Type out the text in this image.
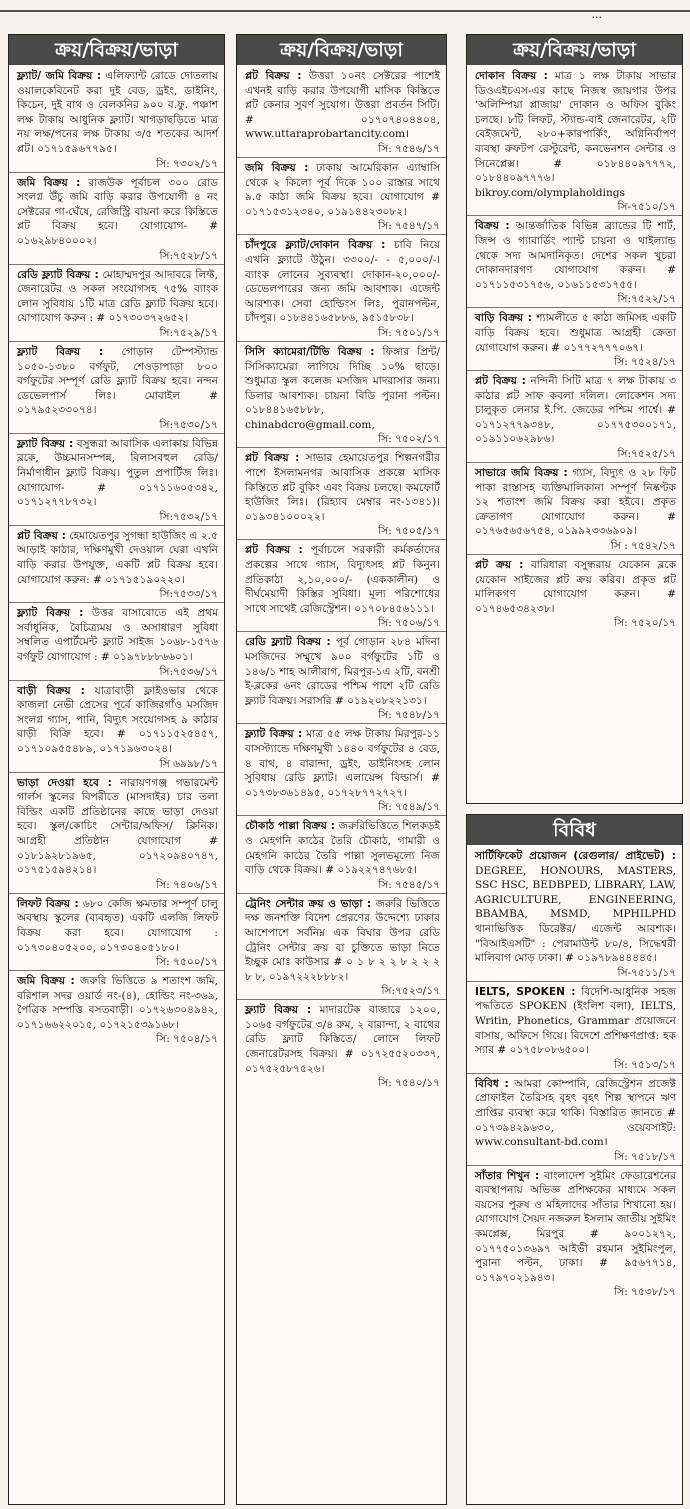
...
ক্রয়/বিক্রয়/ভাড়া
ফ্ল্যাট/ জমি বিক্রয় : এলিফ্যান্ট রোডে দোতলায় ওয়ালকেবিনেট করা দুই বেড, ড্রইং, ডাইনিং, কিচেন, দুই বাথ ও বেলকনির ৯০০ ব.ফু. পঞ্চাশ লক্ষ টাকায় আধুনিক ফ্ল্যাট। খাগড়াছড়িতে মাত্র নয় লক্ষ/পনের লক্ষ টাকায় ৩/৫ শতকের আদর্শ প্লট। ০১৭১৫৯৬৭৭৯৫।
সি: ৭৩০২/১৭
জমি বিক্রয় : রাজউক পূর্বাচল ৩০০ রোড সংলগ্ন উঁচু জমি বাড়ি করার উপযোগী ৪ নং সেক্টরের গা-ঘেঁষে, রেজিস্ট্রি বায়না করে কিস্তিতে প্লট বিক্রয় হবে। যোগাযোগ- # ০১৬২৯৮৪০০০২।
সি:৭৫২৮/১৭
রেডি ফ্ল্যাট বিক্রয় : মোহাম্মদপুর আদাবরে লিফ্ট, জেনারেটর ও সকল সংযোগসহ ৭৫% ব্যাংক লোন সুবিধায় ১টি মাত্র রেডি ফ্ল্যাট বিক্রয় হবে। যোগাযোগ করুন : # ০১৭৩০৩৭২৬৫২।
সি:৭৫২৯/১৭
ফ্ল্যাট বিক্রয় : গোড়ান টেম্পস্ট্যান্ড ১০৫০-১৩৮০ বর্গফুট, শেওড়াপাড়া ৮০০ বর্গফুটের সম্পূর্ণ রেডি ফ্ল্যাট বিক্রয় হবে। নন্দন ডেভেলপার্স লিঃ। মোবাইল # ০১৭৯৫২৩৩০৭৪।
সি:৭৫৩০/১৭
ফ্ল্যাট বিক্রয় : বসুন্ধরা আবাসিক এলাকায় বিভিন্ন ব্লকে, উচ্চমানসম্পন্ন, বিলাসবহুল রেডি/নির্মাণাধীন ফ্ল্যাট বিক্রয়। পুতুল প্রপার্টিজ লিঃ। যোগাযোগ- # ০১৭১১৬০৫৩৪২, ০১৭১২৭৭৮৭৩২।
সি:৭৫৩২/১৭
প্লট বিক্রয় : হেমায়েতপুর সুগন্ধা হাউজিং এ ২.৫ আড়াই কাঠার, দক্ষিণমুখী দেওয়াল ঘেরা এখনি বাড়ি করার উপযুক্ত, একটি প্লট বিক্রয় হবে। যোগাযোগ করুন: # ০১৭১৫১৯০২২০।
সি:৭৫৩৩/১৭
ফ্ল্যাট বিক্রয় : উত্তর বাসাবোতে এই প্রথম সর্বাধুনিক, বৈচিত্র্যময় ও অসাধারণ সুবিধা সম্বলিত এপার্টমেন্ট ফ্ল্যাট সাইজ ১০৬৮-১৫৭৬ বর্গফুট যোগাযোগ : # ০১৯৭৮৮৮৬৬০১।
সি:৭৫৩৬/১৭
বাড়ী বিক্রয় : যাত্রাবাড়ী ফ্লাইওভার থেকে কাজলা নেভী প্রেসের পূর্বে কাজিরগাঁও মসজিদ সংলগ্ন গ্যাস, পানি, বিদ্যুৎ সংযোগসহ ৯ কাঠার বাড়ী বিক্রি হবে। # ০১৭১১৫২৫৪৫৭, ০১৭১০৯৫৫৪৮৯, ০১৭১৯৬৩০২৪।
সি ৬৯৯৮/১৭
ভাড়া দেওয়া হবে : নারায়ণগঞ্জ গভারমেন্ট গার্লস স্কুলের বিপরীতে (মাসদাইর) চার তলা বিল্ডিং একটি প্রতিষ্ঠানের কাছে ভাড়া দেওয়া হবে। স্কুল/কোচিং সেন্টার/অফিস/ ক্লিনিক। আগ্রহী প্রতিষ্ঠান যোগাযোগ # ০১৮১৯২৮১৯৬৫, ০১৭২০৯৪০৭৪৭, ০১৭৫১৫৯৪২১৪।
সি: ৭৪০৬/১৭
লিফট বিক্রয় : ৬৮০ কেজি ক্ষমতার সম্পূর্ণ চালু অবস্থায় স্কুলের (ব্যবহৃত) একটি এলজি লিফট বিক্রয় করা হবে। যোগাযোগ : ০১৭৩০৪০৫২০০, ০১৭৩০৪০৫১৮০।
সি: ৭৫০০/১৭
জমি বিক্রয় : জরুরি ভিত্তিতে ৯ শতাংশ জমি, বরিশাল সদর ওয়ার্ড নং-(৪), হোল্ডিং নং-৩৬৯, পৈত্রিক সম্পত্তি বসতবাড়ী। ০১৭২৬৩০৪৯৪২, ০১৭১৬৬২২০১৫, ০১৭২১৫৩৯১৬৮।
সি: ৭৫০৪/১৭
ক্রয়/বিক্রয়/ভাড়া
প্লট বিক্রয় : উত্তরা ১০নং সেক্টরের পাশেই এখনই বাড়ি করার উপযোগী মাসিক কিস্তিতে প্লট কেনার সুবর্ণ সুযোগ। উত্তরা প্রবর্তন সিটি। # ০১৭০৭৪০৪৪০৪, www.uttaraprobartancity.com।
সি: ৭৫৪৬/১৭
জমি বিক্রয় : ঢাকায় আমেরিকান এ্যাম্বাসি থেকে ২ কিলো পূর্ব দিকে ১০০ রাস্তার সাথে ৯.৫ কাঠা জমি বিক্রয় হবে। যোগাযোগ # ০১৭১৫৩১২৩৪০, ০১৯১৪৪২৩০৮২।
সি: ৭৫৪৭/১৭
চাঁদপুরে ফ্ল্যাট/দোকান বিক্রয় : চাবি নিয়ে এখনি ফ্ল্যাটে উঠুন। ৩৩০০/- - ৫,০০০/-। ব্যাংক লোনের সুব্যবস্থা। দোকান-২০,০০০/- ডেভেলপারের জন্য জমি আবশ্যক। এজেন্ট আবশ্যক। সেবা হোল্ডিংস লিঃ, পুরানপল্টন, চাঁদপুর। ০১৮৪৪১৬৫৮৮৬, ৯৫১৫৮৩৮।
সি: ৭৫০১/১৭
সিসি ক্যামেরা/টিভি বিক্রয় : ফিঙ্গার প্রিন্ট/সিসিক্যামেরা লাগিয়ে দিচ্ছি ১০% ছাড়ে। শুধুমাত্র স্কুল কলেজ মসজিদ মাদরাসার জন্য। ডিলার আবশ্যক। চায়না বিডি পুরানা পল্টন। ০১৮৪৪১৬৫৮৮৮, chinabdcro@gmail.com,
সি: ৭৫০২/১৭
প্লট বিক্রয় : সাভার হেমায়েতপুর শিল্পনগরীর পাশে ইসলামনগর আবাসিক প্রকল্পে মাসিক কিস্তিতে প্লট বুকিং এবং বিক্রয় চলছে। কমফোর্ট হাউজিং লিঃ। (রিহ্যাব মেম্বার নং-১৩৪১)। ০১৯৩৪১০০০২২।
সি: ৭৫০৫/১৭
প্লট বিক্রয় : পূর্বাচলে সরকারী কর্মকর্তাদের প্রকল্পের সাথে গ্যাস, বিদ্যুৎসহ প্লট কিনুন। প্রতিকাঠা ২,১০,০০০/- (এককালীন) ও দীর্ঘমেয়াদী কিস্তির সুবিধা। মূল্য পরিশোধের সাথে সাথেই রেজিস্ট্রেশন। ০১৭০৮৪৫৬১১১।
সি: ৭৫০৬/১৭
রেডি ফ্ল্যাট বিক্রয় : পূর্ব গোড়ান ২৮৪ মদিনা মসজিদের সম্মুখে ৯০০ বর্গফুটের ১টি ও ১৪৬/১ শাহ আলীবাগ, মিরপুর-১এ ২টি, বনশ্রী ই-ব্লকের ৬নং রোডের পশ্চিম পাশে ২টি রেডি ফ্ল্যাট বিক্রয়। সরাসরি # ০১৯২০৮২২১৩১।
সি: ৭৫৪৮/১৭
ফ্ল্যাট বিক্রয় : মাত্র ৫৫ লক্ষ টাকায় মিরপুর-১১ বাসস্ট্যান্ডে দক্ষিণমুখী ১৪৪০ বর্গফুটের ৪ বেড, ৪ বাথ, ৪ বারান্দা, ড্রইং, ডাইনিংসহ লোন সুবিধায় রেডি ফ্ল্যাট। এলায়েন্স বিল্ডার্স। # ০১৭৩৮৩৬১৪৯৫, ০১৭২৮৭৭২৭২৭।
সি: ৭৫৪৯/১৭
চৌকাঠ পাল্লা বিক্রয় : জরুরিভিত্তিতে শিলকড়ই ও মেহগনি কাঠের তৈরি চৌকাঠ, গামারী ও মেহগনি কাঠের তৈরি পাল্লা সুলভমূল্যে নিজ বাড়ি থেকে বিক্রয়। # ০১৯২২৭৪৭৬৮৫।
সি: ৭৫৪৫/১৭
ট্রেনিং সেন্টার ক্রয় ও ভাড়া : জরুরি ভিত্তিতে দক্ষ জনশক্তি বিদেশ প্রেরণের উদ্দেশ্যে ঢাকার আশেপাশে সর্বনিম্ন এক বিঘার উপর রেডি ট্রেনিং সেন্টার ক্রয় বা চুক্তিতে ভাড়া নিতে ইচ্ছুক মোঃ কাউসার # ০ ১ ৮ ২ ২ ৮ ২ ২ ২ ৮ ৮, ০১৯৭২২২৮৮৮২।
সি:৭৫২৩/১৭
ফ্ল্যাট বিক্রয় : মাদারটেক বাজারে ১২০০, ১০৬৫ বর্গফুটের ৩/৪ রুম, ২ বারান্দা, ২ বাথের রেডি ফ্ল্যাট কিস্তিতে/ লোনে লিফট জেনারেটরসহ বিক্রয়। # ০১৭২৫৫২০৩৩৭, ০১৭৫২৫৮৭৫২৬।
সি: ৭৫৪০/১৭
ক্রয়/বিক্রয়/ভাড়া
দোকান বিক্রয় : মাত্র ১ লক্ষ টাকায় সাভার ডিওএইচএস-এর কাছে নিজস্ব জায়গার উপর 'অলিম্পিয়া প্লাজায়' দোকান ও অফিস বুকিং চলছে। ৮টি লিফট, স্ট্যান্ড-বাই জেনারেটর, ২টি বেইজমেন্ট, ২৮০+কারপার্কিং, অগ্নিনির্বাপণ ব্যবস্থা রুফটপ রেস্টুরেন্ট, কনভেনশন সেন্টার ও সিনেপ্লেক্স। # ০১৮৪৪০৯৭৭৭২, ০১৮৪৪০৯৭৭৭৬। bikroy.com/olymplaholdings
সি-৭৫১০/১৭
বিক্রয় : আন্তর্জাতিক বিভিন্ন ব্র্যান্ডের টি শার্ট, জিন্স ও গ্যাবার্ডিং প্যান্ট চায়না ও থাইল্যান্ড থেকে সদ্য আমদানিকৃত। দেশের সকল খুচরা দোকানদারগণ যোগাযোগ করুন। # ০১৭১১৫৩১৭৫৬, ০১৬১১৫৩১৭৫৫।
সি:৭৫২২/১৭
বাড়ি বিক্রয় : শ্যামলীতে ৫ কাঠা জমিসহ একটি বাড়ি বিক্রয় হবে। শুধুমাত্র আগ্রহী ক্রেতা যোগাযোগ করুন। # ০১৭৭২৭৭৭০৬৭।
সি: ৭৫২৪/১৭
প্লট বিক্রয় : নন্দিনী সিটি মাত্র ৭ লক্ষ টাকায় ৩ কাঠার প্লট সাফ কবলা দলিল। লোকেশন সদ্য চালুকৃত লেনার ই.পি. জেডের পশ্চিম পার্শ্বে। # ০১৭১২৭৭৯৩৪৮, ০১৭৭৫৩০০১৭১, ০১৯১১০৬২৯৮৬।
সি:৭৫২৫/১৭
সাভারে জমি বিক্রয় : গ্যাস, বিদ্যুৎ ও ২৮ ফিট পাকা রাস্তাসহ ব্যক্তিমালিকানা সম্পূর্ণ নিষ্কণ্টক ১২ শতাংশ জমি বিক্রয় করা হইবে। প্রকৃত ক্রেতাগণ যোগাযোগ করুন। # ০১৭৬৫৬৫৬৭৫৪, ০১৯৯২৩৩৬৯০৯।
সি : ৭৫৪২/১৭
প্লট ক্রয় : বারিধারা বসুন্ধরায় যেকোন ব্লকে যেকোন সাইজের প্লট ক্রয় করিব। প্রকৃত প্লট মালিকগণ যোগাযোগ করুন। # ০১৭৪৬৫৩৪২৩৮।
সি: ৭৫২০/১৭
বিবিধ
সার্টিফিকেট প্রয়োজন (রেগুলার/ প্রাইভেট) : DEGREE, HONOURS, MASTERS, SSC HSC, BEDBPED, LIBRARY, LAW, AGRICULTURE, ENGINEERING, BBAMBA, MSMD, MPHILPHD থানাভিত্তিক ডিরেক্টর/ এজেন্ট আবশ্যক। "বিআইএসটি" : পেরামাউন্ট ৮০/৪, সিদ্ধেশ্বরী মালিবাগ মোড় ঢাকা। # ০১৯৭৮৯৪৪৪৪৫।
সি-৭৫১১/১৭
IELTS, SPOKEN : বিদেশি-আধুনিক সহজ পদ্ধতিতে SPOKEN (ইংলিশ বলা), IELTS, Writin, Phonetics, Grammar প্রয়োজনে বাসায়, অফিসে গিয়ে। বিদেশে প্রশিক্ষণপ্রাপ্ত: হক স্যার # ০১৭৫৮০৮৬৫০০।
সি: ৭৫১৩/১৭
বিবিধ : আমরা কোম্পানি, রেজিস্ট্রেশন প্রজেক্ট প্রোফাইল তৈরিসহ বৃহৎ বৃহৎ শিল্প স্থাপনে ঋণ প্রাপ্তির ব্যবস্থা করে থাকি। বিস্তারিত জানতে # ০১৭৩৯৪২৯৬৩০, ওয়েবসাইট: www.consultant-bd.com।
সি: ৭৫১৮/১৭
সাঁতার শিখুন : বাংলাদেশ সুইমিং ফেডারেশনের ব্যবস্থাপনায় অভিজ্ঞ প্রশিক্ষকের মাধ্যমে সকল বয়সের পুরুষ ও মহিলাদের সাঁতার শিখানো হয়। যোগাযোগ সৈয়দ নজরুল ইসলাম জাতীয় সুইমিং কমপ্লেক্স, মিরপুর # ৯০০১২৭২, ০১৭৭৫০১৩৬৯৭ আইভী রহমান সুইমিংপুল, পুরানা পল্টন, ঢাকা। # ৯৫৬৭৭১৪, ০১৭৯৭০২১৯৪৩।
সি: ৭৫৩৮/১৭
